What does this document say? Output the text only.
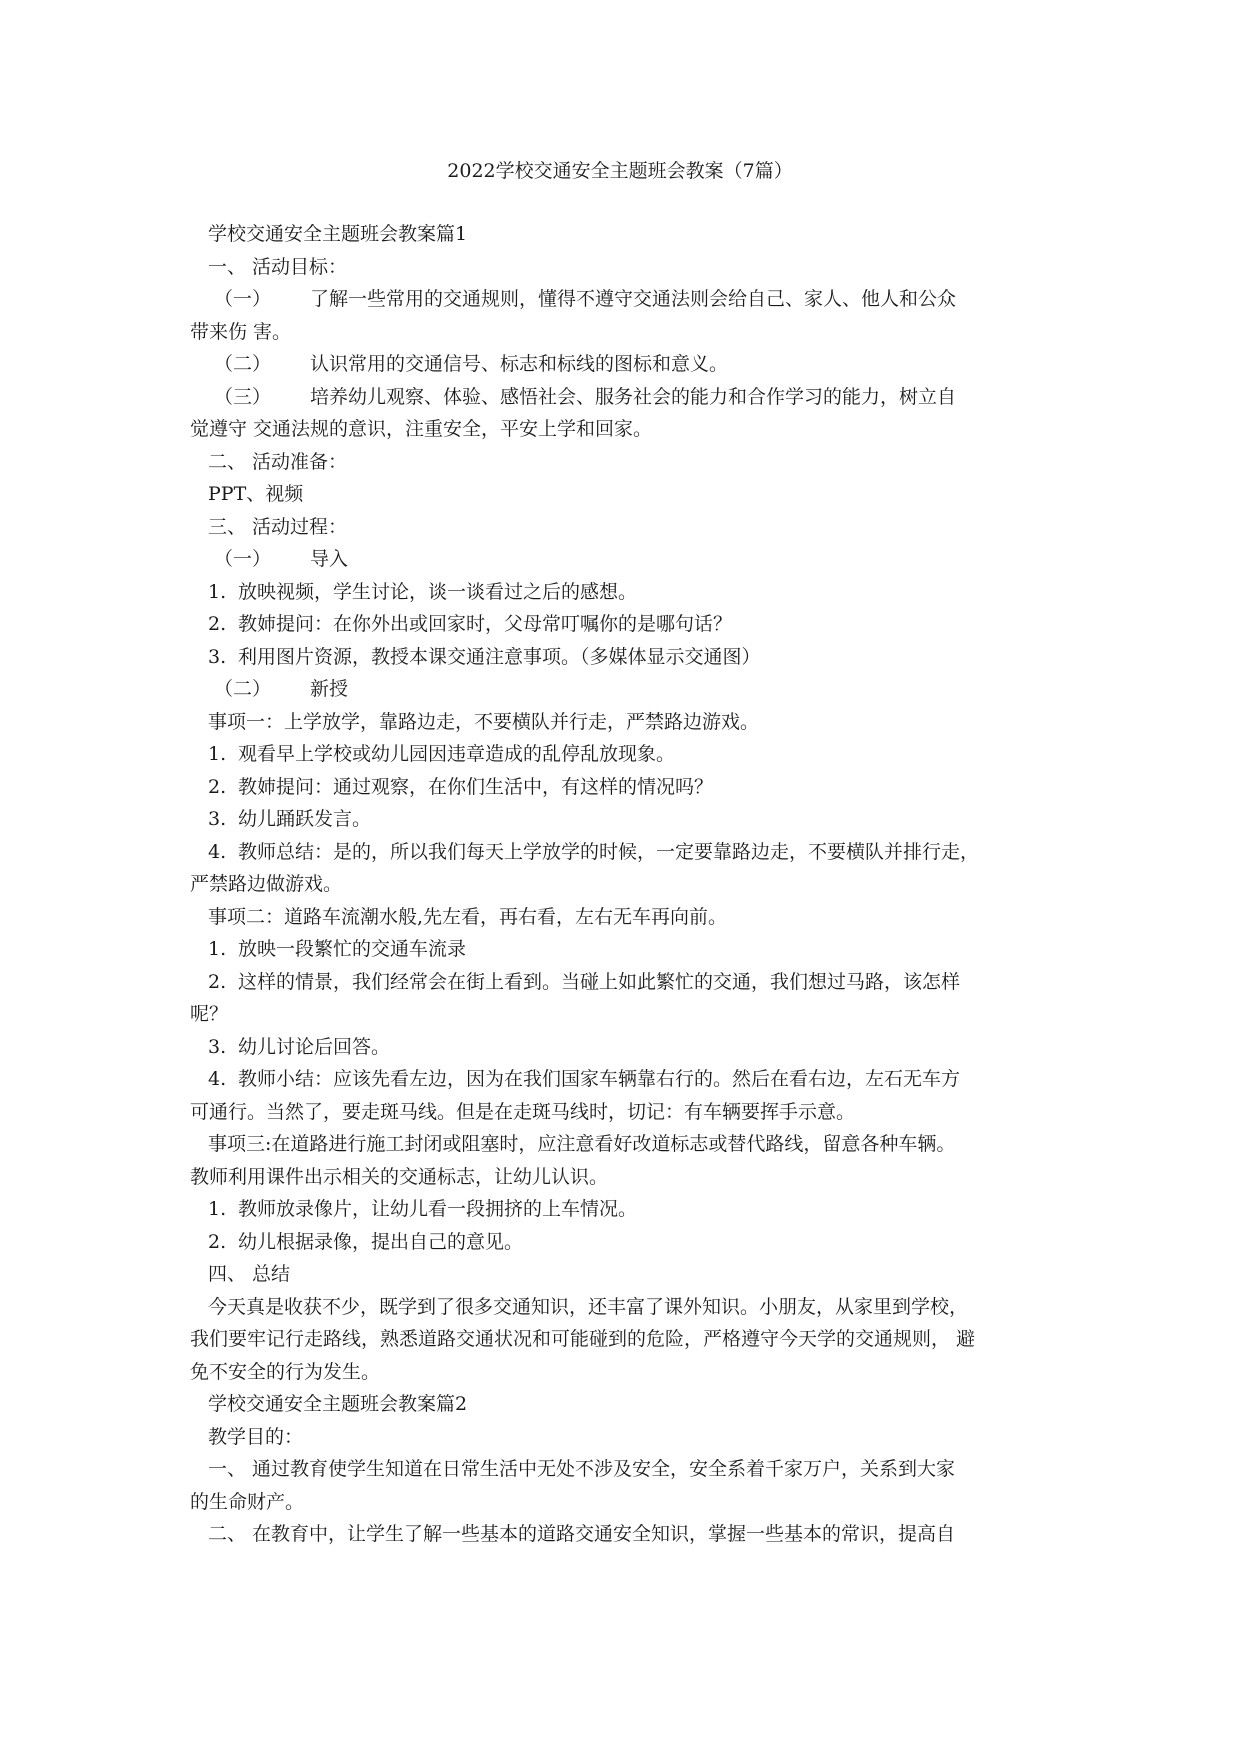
2022学校交通安全主题班会教案（7篇）
学校交通安全主题班会教案篇1
一、 活动目标：
（一） 了解一些常用的交通规则，懂得不遵守交通法则会给自己、家人、他人和公众
带来伤 害。
（二） 认识常用的交通信号、标志和标线的图标和意义。
（三） 培养幼儿观察、体验、感悟社会、服务社会的能力和合作学习的能力，树立自
觉遵守 交通法规的意识，注重安全，平安上学和回家。
二、 活动准备：
PPT、视频
三、 活动过程：
（一） 导入
1. 放映视频，学生讨论，谈一谈看过之后的感想。
2. 教姉提问：在你外出或回家时，父母常叮嘱你的是哪句话？
3. 利用图片资源，教授本课交通注意事项。（多媒体显示交通图）
（二） 新授
事项一：上学放学，靠路边走，不要横队并行走，严禁路边游戏。
1. 观看早上学校或幼儿园因违章造成的乱停乱放现象。
2. 教姉提问：通过观察，在你们生活中，有这样的情况吗？
3. 幼儿踊跃发言。
4. 教师总结：是的，所以我们每天上学放学的时候，一定要靠路边走，不要横队并排行走，
严禁路边做游戏。
事项二：道路车流潮水般,先左看，再右看，左右无车再向前。
1. 放映一段繁忙的交通车流录
2. 这样的情景，我们经常会在街上看到。当碰上如此繁忙的交通，我们想过马路，该怎样
呢？
3. 幼儿讨论后回答。
4. 教师小结：应该先看左边，因为在我们国家车辆靠右行的。然后在看右边，左石无车方
可通行。当然了，要走斑马线。但是在走斑马线时，切记：有车辆要挥手示意。
事项三:在道路进行施工封闭或阻塞时，应注意看好改道标志或替代路线，留意各种车辆。
教师利用课件出示相关的交通标志，让幼儿认识。
1. 教师放录像片，让幼儿看一段拥挤的上车情况。
2. 幼儿根据录像，提出自己的意见。
四、 总结
今天真是收获不少，既学到了很多交通知识，还丰富了课外知识。小朋友，从家里到学校，
我们要牢记行走路线，熟悉道路交通状况和可能碰到的危险，严格遵守今天学的交通规则， 避
免不安全的行为发生。
学校交通安全主题班会教案篇2
教学目的：
一、 通过教育使学生知道在日常生活中无处不涉及安全，安全系着千家万户，关系到大家
的生命财产。
二、 在教育中，让学生了解一些基本的道路交通安全知识，掌握一些基本的常识，提高自
